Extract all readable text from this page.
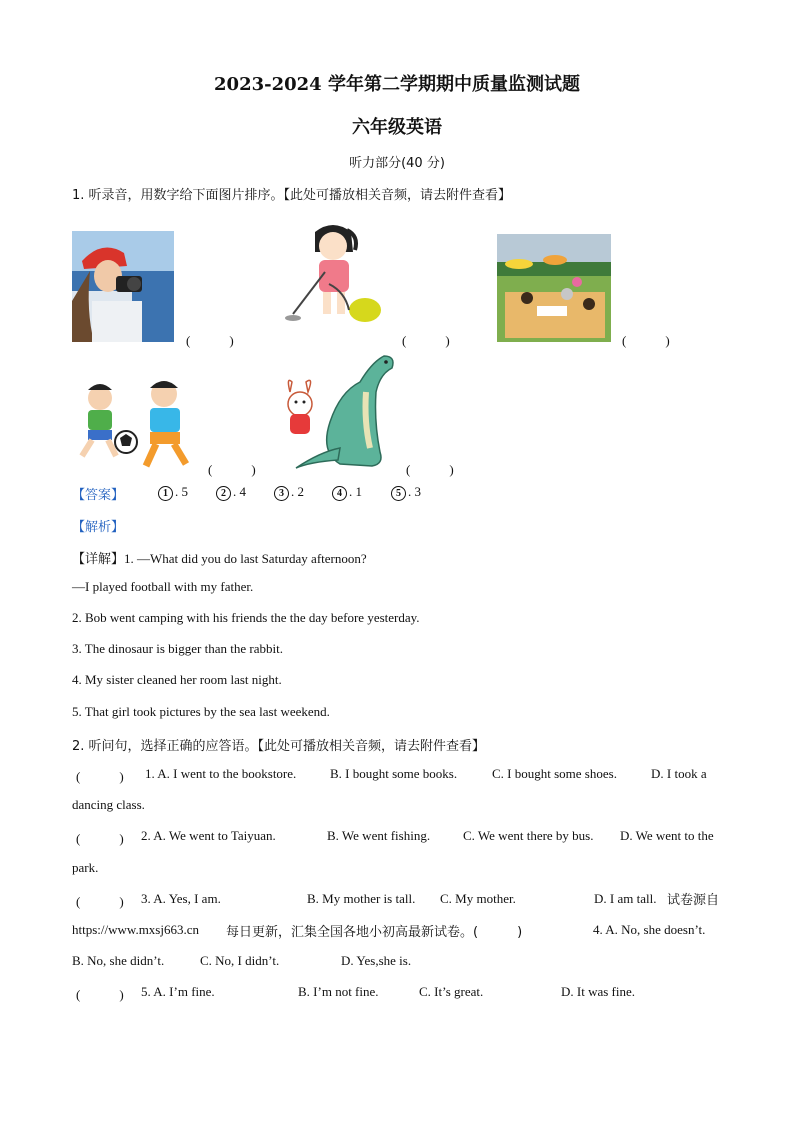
2023-2024 学年第二学期期中质量监测试题
六年级英语
听力部分(40 分)
1. 听录音，用数字给下面图片排序。【此处可播放相关音频，请去附件查看】
(　　　)	(　　　)	(　　　)
(　　　)	(　　　)
【答案】	1 . 5	2 . 4	3 . 2	4 . 1	5 . 3
【解析】
【详解】1. —What did you do last Saturday afternoon?
—I played football with my father.
2. Bob went camping with his friends the the day before yesterday.
3. The dinosaur is bigger than the rabbit.
4. My sister cleaned her room last night.
5. That girl took pictures by the sea last weekend.
2. 听问句，选择正确的应答语。【此处可播放相关音频，请去附件查看】
(　　　) 1. A. I went to the bookstore.	B. I bought some books.	C. I bought some shoes.	D. I took a
dancing class.
(　　　) 2. A. We went to Taiyuan.	B. We went fishing.	C. We went there by bus. D. We went to the
park.
(　　　) 3. A. Yes, I am.	B. My mother is tall. C. My mother.	D. I am tall. 试卷源自
https://www.mxsj663.cn 每日更新，汇集全国各地小初高最新试卷。(　　　)	4. A. No, she doesn’t.
B. No, she didn’t.	C. No, I didn’t.	D. Yes,she is.
(　　　) 5. A. I’m fine.	B. I’m not fine.	C. It’s great.	D. It was fine.
